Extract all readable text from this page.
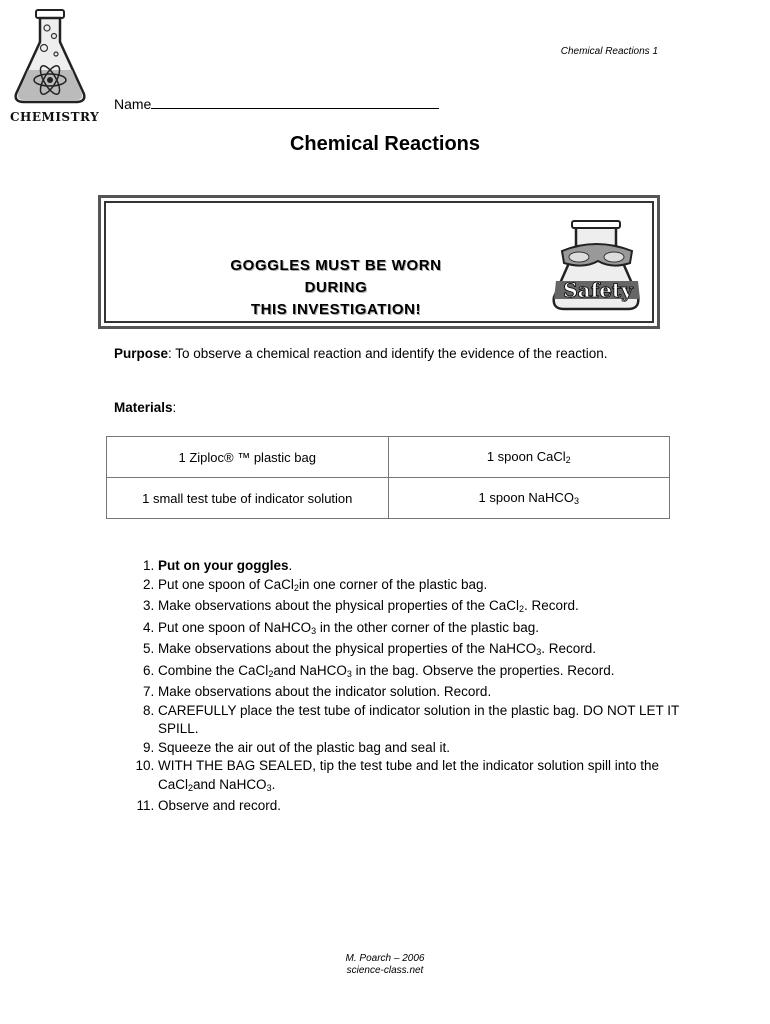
CHEMISTRY
Chemical Reactions 1
Name
Chemical Reactions
GOGGLES MUST BE WORN DURING
THIS INVESTIGATION!
Safety
Purpose: To observe a chemical reaction and identify the evidence of the reaction.
Materials:
1 Ziploc® ™ plastic bag	1 spoon CaCl$_2$
1 small test tube of indicator solution	1 spoon NaHCO$_3$
1. Put on your goggles.
2. Put one spoon of CaCl$_2$in one corner of the plastic bag.
3. Make observations about the physical properties of the CaCl$_2$. Record.
4. Put one spoon of NaHCO$_3$ in the other corner of the plastic bag.
5. Make observations about the physical properties of the NaHCO$_3$. Record.
6. Combine the CaCl$_2$and NaHCO$_3$ in the bag. Observe the properties. Record.
7. Make observations about the indicator solution. Record.
8. CAREFULLY place the test tube of indicator solution in the plastic bag. DO NOT LET IT SPILL.
9. Squeeze the air out of the plastic bag and seal it.
10. WITH THE BAG SEALED, tip the test tube and let the indicator solution spill into the CaCl$_2$and NaHCO$_3$.
11. Observe and record.
M. Poarch – 2006
science-class.net
